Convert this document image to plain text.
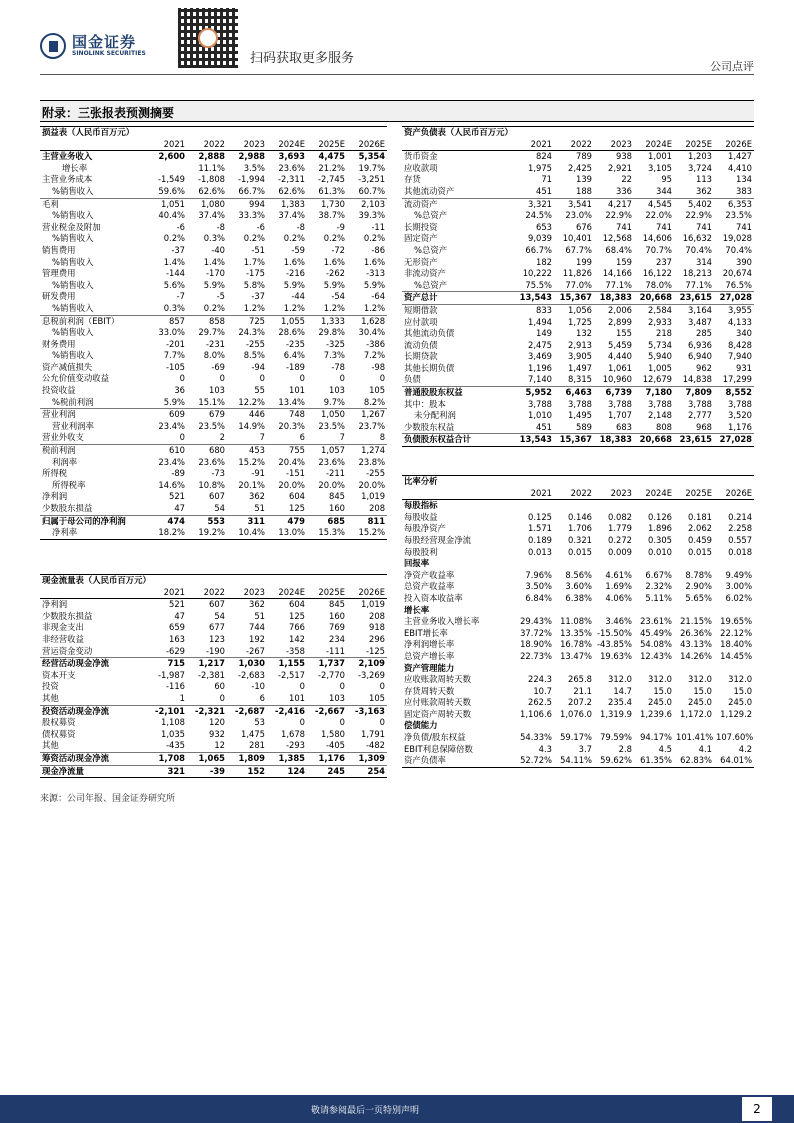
国金证券
SINOLINK SECURITIES	扫码获取更多服务
公司点评
附录：三张报表预测摘要
损益表（人民币百万元）						
	2021	2022	2023	2024E	2025E	2026E
主营业务收入	2,600	2,888	2,988	3,693	4,475	5,354
增长率		11.1%	3.5%	23.6%	21.2%	19.7%
主营业务成本	-1,549	-1,808	-1,994	-2,311	-2,745	-3,251
%销售收入	59.6%	62.6%	66.7%	62.6%	61.3%	60.7%
毛利	1,051	1,080	994	1,383	1,730	2,103
%销售收入	40.4%	37.4%	33.3%	37.4%	38.7%	39.3%
营业税金及附加	-6	-8	-6	-8	-9	-11
%销售收入	0.2%	0.3%	0.2%	0.2%	0.2%	0.2%
销售费用	-37	-40	-51	-59	-72	-86
%销售收入	1.4%	1.4%	1.7%	1.6%	1.6%	1.6%
管理费用	-144	-170	-175	-216	-262	-313
%销售收入	5.6%	5.9%	5.8%	5.9%	5.9%	5.9%
研发费用	-7	-5	-37	-44	-54	-64
%销售收入	0.3%	0.2%	1.2%	1.2%	1.2%	1.2%
息税前利润（EBIT）	857	858	725	1,055	1,333	1,628
%销售收入	33.0%	29.7%	24.3%	28.6%	29.8%	30.4%
财务费用	-201	-231	-255	-235	-325	-386
%销售收入	7.7%	8.0%	8.5%	6.4%	7.3%	7.2%
资产减值损失	-105	-69	-94	-189	-78	-98
公允价值变动收益	0	0	0	0	0	0
投资收益	36	103	55	101	103	105
%税前利润	5.9%	15.1%	12.2%	13.4%	9.7%	8.2%
营业利润	609	679	446	748	1,050	1,267
营业利润率	23.4%	23.5%	14.9%	20.3%	23.5%	23.7%
营业外收支	0	2	7	6	7	8
税前利润	610	680	453	755	1,057	1,274
利润率	23.4%	23.6%	15.2%	20.4%	23.6%	23.8%
所得税	-89	-73	-91	-151	-211	-255
所得税率	14.6%	10.8%	20.1%	20.0%	20.0%	20.0%
净利润	521	607	362	604	845	1,019
少数股东损益	47	54	51	125	160	208
归属于母公司的净利润	474	553	311	479	685	811
净利率	18.2%	19.2%	10.4%	13.0%	15.3%	15.2%
资产负债表（人民币百万元）						
	2021	2022	2023	2024E	2025E	2026E
货币资金	824	789	938	1,001	1,203	1,427
应收款项	1,975	2,425	2,921	3,105	3,724	4,410
存货	71	139	22	95	113	134
其他流动资产	451	188	336	344	362	383
流动资产	3,321	3,541	4,217	4,545	5,402	6,353
%总资产	24.5%	23.0%	22.9%	22.0%	22.9%	23.5%
长期投资	653	676	741	741	741	741
固定资产	9,039	10,401	12,568	14,606	16,632	19,028
%总资产	66.7%	67.7%	68.4%	70.7%	70.4%	70.4%
无形资产	182	199	159	237	314	390
非流动资产	10,222	11,826	14,166	16,122	18,213	20,674
%总资产	75.5%	77.0%	77.1%	78.0%	77.1%	76.5%
资产总计	13,543	15,367	18,383	20,668	23,615	27,028
短期借款	833	1,056	2,006	2,584	3,164	3,955
应付款项	1,494	1,725	2,899	2,933	3,487	4,133
其他流动负债	149	132	155	218	285	340
流动负债	2,475	2,913	5,459	5,734	6,936	8,428
长期贷款	3,469	3,905	4,440	5,940	6,940	7,940
其他长期负债	1,196	1,497	1,061	1,005	962	931
负债	7,140	8,315	10,960	12,679	14,838	17,299
普通股股东权益	5,952	6,463	6,739	7,180	7,809	8,552
其中：股本	3,788	3,788	3,788	3,788	3,788	3,788
未分配利润	1,010	1,495	1,707	2,148	2,777	3,520
少数股东权益	451	589	683	808	968	1,176
负债股东权益合计	13,543	15,367	18,383	20,668	23,615	27,028
比率分析						
	2021	2022	2023	2024E	2025E	2026E
每股指标						
每股收益	0.125	0.146	0.082	0.126	0.181	0.214
每股净资产	1.571	1.706	1.779	1.896	2.062	2.258
每股经营现金净流	0.189	0.321	0.272	0.305	0.459	0.557
每股股利	0.013	0.015	0.009	0.010	0.015	0.018
回报率						
净资产收益率	7.96%	8.56%	4.61%	6.67%	8.78%	9.49%
总资产收益率	3.50%	3.60%	1.69%	2.32%	2.90%	3.00%
投入资本收益率	6.84%	6.38%	4.06%	5.11%	5.65%	6.02%
增长率						
主营业务收入增长率	29.43%	11.08%	3.46%	23.61%	21.15%	19.65%
EBIT增长率	37.72%	13.35%	-15.50%	45.49%	26.36%	22.12%
净利润增长率	18.90%	16.78%	-43.85%	54.08%	43.13%	18.40%
总资产增长率	22.73%	13.47%	19.63%	12.43%	14.26%	14.45%
资产管理能力						
应收账款周转天数	224.3	265.8	312.0	312.0	312.0	312.0
存货周转天数	10.7	21.1	14.7	15.0	15.0	15.0
应付账款周转天数	262.5	207.2	235.4	245.0	245.0	245.0
固定资产周转天数	1,106.6	1,076.0	1,319.9	1,239.6	1,172.0	1,129.2
偿债能力						
净负债/股东权益	54.33%	59.17%	79.59%	94.17%	101.41%	107.60%
EBIT利息保障倍数	4.3	3.7	2.8	4.5	4.1	4.2
资产负债率	52.72%	54.11%	59.62%	61.35%	62.83%	64.01%
现金流量表（人民币百万元）						
	2021	2022	2023	2024E	2025E	2026E
净利润	521	607	362	604	845	1,019
少数股东损益	47	54	51	125	160	208
非现金支出	659	677	744	766	769	918
非经营收益	163	123	192	142	234	296
营运资金变动	-629	-190	-267	-358	-111	-125
经营活动现金净流	715	1,217	1,030	1,155	1,737	2,109
资本开支	-1,987	-2,381	-2,683	-2,517	-2,770	-3,269
投资	-116	60	-10	0	0	0
其他	1	0	6	101	103	105
投资活动现金净流	-2,101	-2,321	-2,687	-2,416	-2,667	-3,163
股权募资	1,108	120	53	0	0	0
债权募资	1,035	932	1,475	1,678	1,580	1,791
其他	-435	12	281	-293	-405	-482
筹资活动现金净流	1,708	1,065	1,809	1,385	1,176	1,309
现金净流量	321	-39	152	124	245	254
来源：公司年报、国金证券研究所
敬请参阅最后一页特别声明	2
